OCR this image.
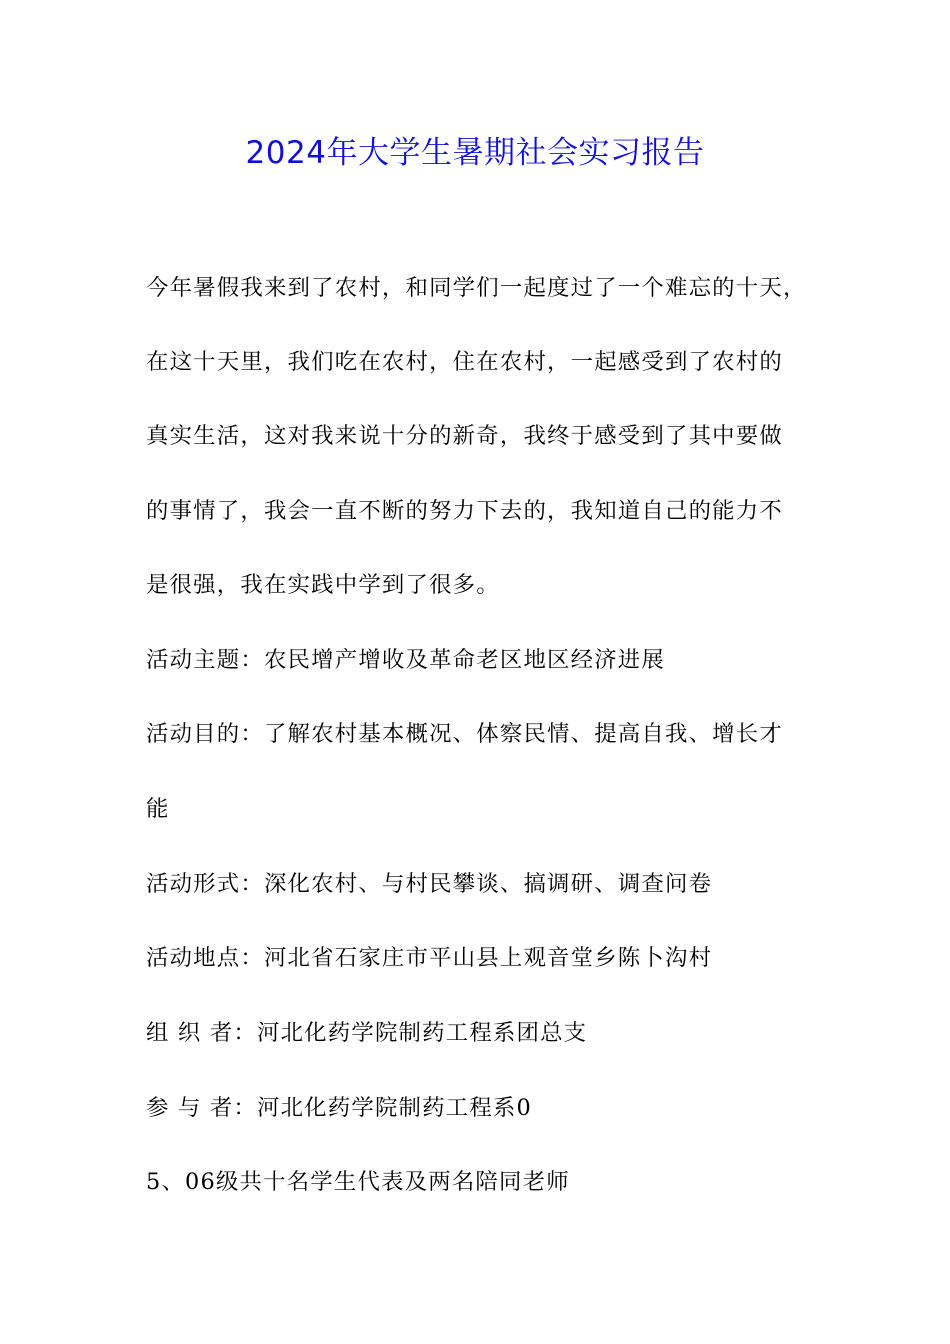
2024年大学生暑期社会实习报告
今年暑假我来到了农村，和同学们一起度过了一个难忘的十天，
在这十天里，我们吃在农村，住在农村，一起感受到了农村的
真实生活，这对我来说十分的新奇，我终于感受到了其中要做
的事情了，我会一直不断的努力下去的，我知道自己的能力不
是很强，我在实践中学到了很多。
活动主题：农民增产增收及革命老区地区经济进展
活动目的：了解农村基本概况、体察民情、提高自我、增长才
能
活动形式：深化农村、与村民攀谈、搞调研、调查问卷
活动地点：河北省石家庄市平山县上观音堂乡陈卜沟村
组 织 者：河北化药学院制药工程系团总支
参 与 者：河北化药学院制药工程系0
5、06级共十名学生代表及两名陪同老师
